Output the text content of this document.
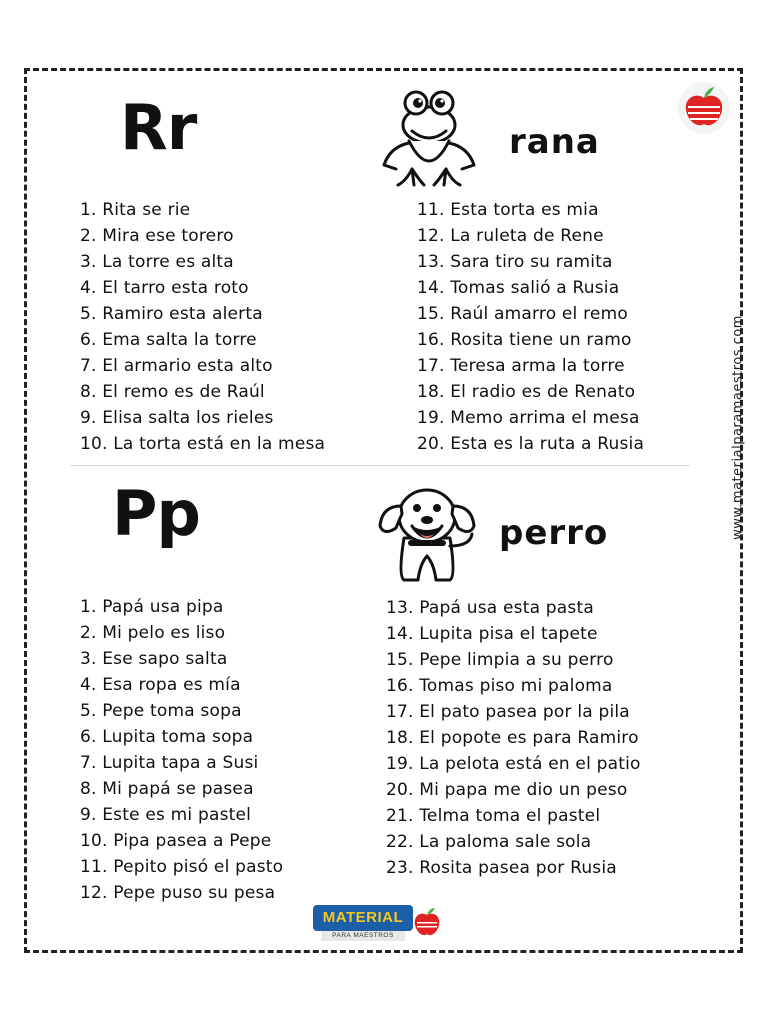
Rr	rana
1. Rita se rie
2. Mira ese torero
3. La torre es alta
4. El tarro esta roto
5. Ramiro esta alerta
6. Ema salta la torre
7. El armario esta alto
8. El remo es de Raúl
9. Elisa salta los rieles
10. La torta está en la mesa
11. Esta torta es mia
12. La ruleta de Rene
13. Sara tiro su ramita
14. Tomas salió a Rusia
15. Raúl amarro el remo
16. Rosita tiene un ramo
17. Teresa arma la torre
18. El radio es de Renato
19. Memo arrima el mesa
20. Esta es la ruta a Rusia
Pp	perro
1. Papá usa pipa
2. Mi pelo es liso
3. Ese sapo salta
4. Esa ropa es mía
5. Pepe toma sopa
6. Lupita toma sopa
7. Lupita tapa a Susi
8. Mi papá se pasea
9. Este es mi pastel
10. Pipa pasea a Pepe
11. Pepito pisó el pasto
12. Pepe puso su pesa
13. Papá usa esta pasta
14. Lupita pisa el tapete
15. Pepe limpia a su perro
16. Tomas piso mi paloma
17. El pato pasea por la pila
18. El popote es para Ramiro
19. La pelota está en el patio
20. Mi papa me dio un peso
21. Telma toma el pastel
22. La paloma sale sola
23. Rosita pasea por Rusia
www.materialparamaestros.com
MATERIAL
PARA MAESTROS
